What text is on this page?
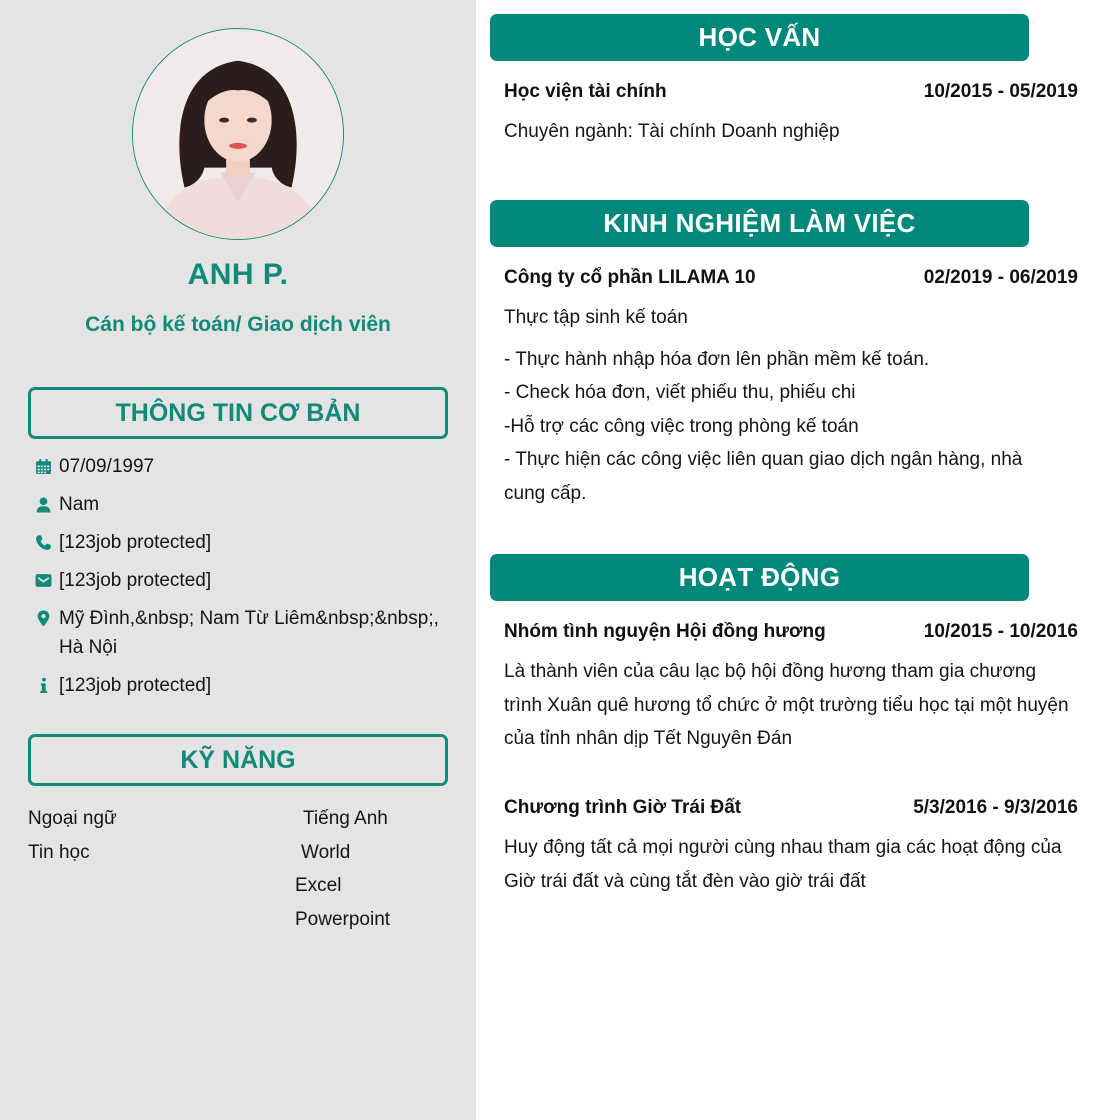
ANH P.
Cán bộ kế toán/ Giao dịch viên
THÔNG TIN CƠ BẢN
07/09/1997
Nam
[123job protected]
[123job protected]
Mỹ Đình,&nbsp; Nam Từ Liêm&nbsp;&nbsp;, Hà Nội
[123job protected]
KỸ NĂNG
Ngoại ngữ	Tiếng Anh
Tin học	World
Excel
Powerpoint
HỌC VẤN
Học viện tài chính	10/2015 - 05/2019

Chuyên ngành: Tài chính Doanh nghiệp

KINH NGHIỆM LÀM VIỆC
Công ty cổ phần LILAMA 10	02/2019 - 06/2019

Thực tập sinh kế toán

- Thực hành nhập hóa đơn lên phần mềm kế toán.

- Check hóa đơn, viết phiếu thu, phiếu chi

-Hỗ trợ các công việc trong phòng kế toán

- Thực hiện các công việc liên quan giao dịch ngân hàng, nhà cung cấp.

HOẠT ĐỘNG
Nhóm tình nguyện Hội đồng hương	10/2015 - 10/2016

Là thành viên của câu lạc bộ hội đồng hương tham gia chương trình Xuân quê hương tổ chức ở một trường tiểu học tại một huyện của tỉnh nhân dịp Tết Nguyên Đán

Chương trình Giờ Trái Đất	5/3/2016 - 9/3/2016

Huy động tất cả mọi người cùng nhau tham gia các hoạt động của Giờ trái đất và cùng tắt đèn vào giờ trái đất
